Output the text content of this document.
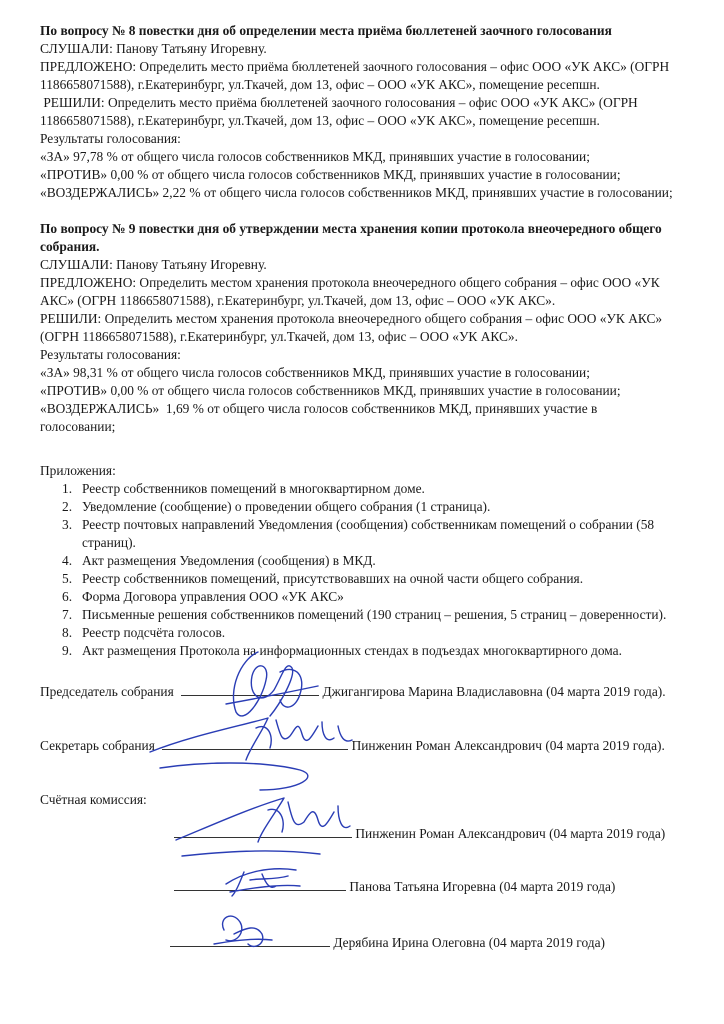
По вопросу № 8 повестки дня об определении места приёма бюллетеней заочного голосования
СЛУШАЛИ: Панову Татьяну Игоревну.
ПРЕДЛОЖЕНО: Определить место приёма бюллетеней заочного голосования – офис ООО «УК АКС» (ОГРН
1186658071588), г.Екатеринбург, ул.Ткачей, дом 13, офис – ООО «УК АКС», помещение ресепшн.
РЕШИЛИ: Определить место приёма бюллетеней заочного голосования – офис ООО «УК АКС» (ОГРН
1186658071588), г.Екатеринбург, ул.Ткачей, дом 13, офис – ООО «УК АКС», помещение ресепшн.
Результаты голосования:
«ЗА» 97,78 % от общего числа голосов собственников МКД, принявших участие в голосовании;
«ПРОТИВ» 0,00 % от общего числа голосов собственников МКД, принявших участие в голосовании;
«ВОЗДЕРЖАЛИСЬ» 2,22 % от общего числа голосов собственников МКД, принявших участие в голосовании;
По вопросу № 9 повестки дня об утверждении места хранения копии протокола внеочередного общего
собрания.
СЛУШАЛИ: Панову Татьяну Игоревну.
ПРЕДЛОЖЕНО: Определить местом хранения протокола внеочередного общего собрания – офис ООО «УК
АКС» (ОГРН 1186658071588), г.Екатеринбург, ул.Ткачей, дом 13, офис – ООО «УК АКС».
РЕШИЛИ: Определить местом хранения протокола внеочередного общего собрания – офис ООО «УК АКС»
(ОГРН 1186658071588), г.Екатеринбург, ул.Ткачей, дом 13, офис – ООО «УК АКС».
Результаты голосования:
«ЗА» 98,31 % от общего числа голосов собственников МКД, принявших участие в голосовании;
«ПРОТИВ» 0,00 % от общего числа голосов собственников МКД, принявших участие в голосовании;
«ВОЗДЕРЖАЛИСЬ»  1,69 % от общего числа голосов собственников МКД, принявших участие в
голосовании;
Приложения:
1. Реестр собственников помещений в многоквартирном доме.
2. Уведомление (сообщение) о проведении общего собрания (1 страница).
3. Реестр почтовых направлений Уведомления (сообщения) собственникам помещений о собрании (58
страниц).
4. Акт размещения Уведомления (сообщения) в МКД.
5. Реестр собственников помещений, присутствовавших на очной части общего собрания.
6. Форма Договора управления ООО «УК АКС»
7. Письменные решения собственников помещений (190 страниц – решения, 5 страниц – доверенности).
8. Реестр подсчёта голосов.
9. Акт размещения Протокола на информационных стендах в подъездах многоквартирного дома.
Председатель собрания	Джигангирова Марина Владиславовна (04 марта 2019 года).
Секретарь собрания	Пинженин Роман Александрович (04 марта 2019 года).
Счётная комиссия:
Пинженин Роман Александрович (04 марта 2019 года)
Панова Татьяна Игоревна (04 марта 2019 года)
Дерябина Ирина Олеговна (04 марта 2019 года)
